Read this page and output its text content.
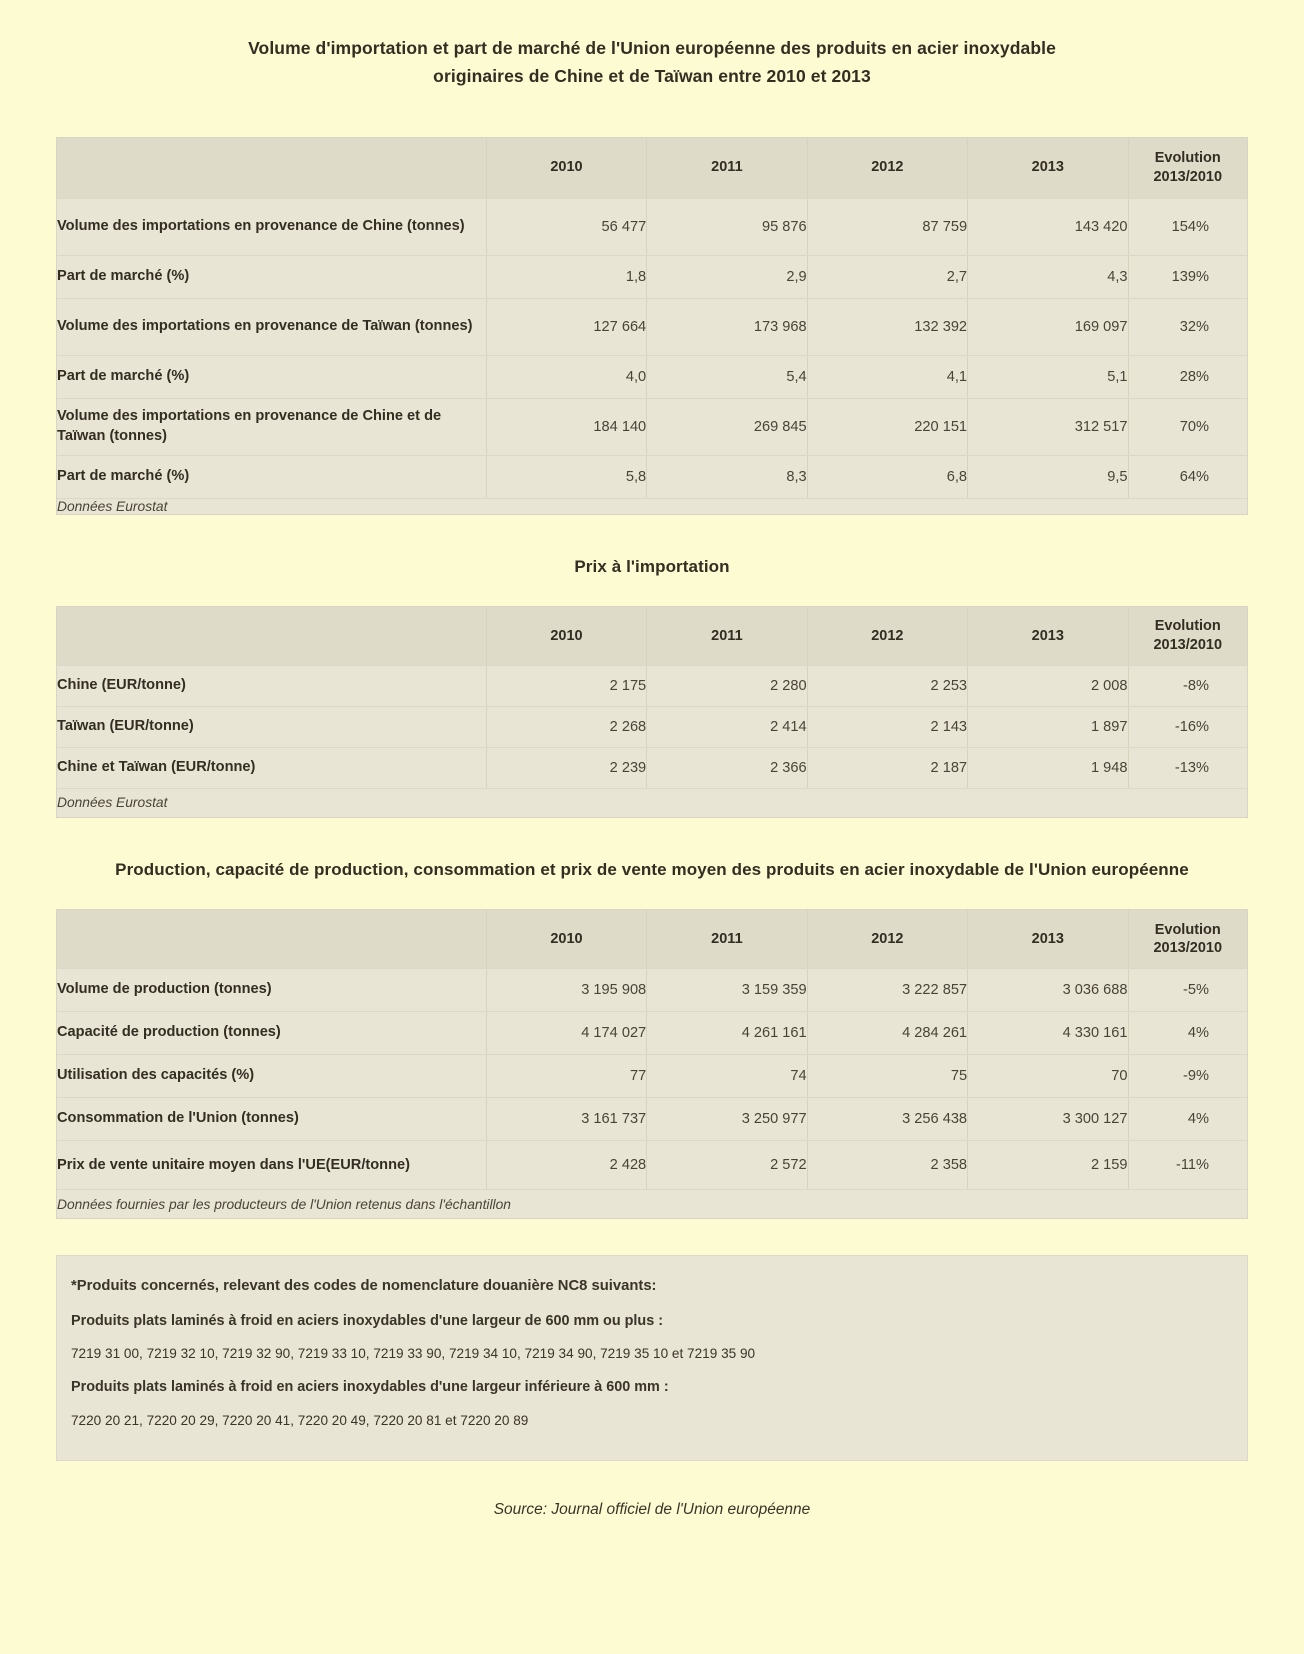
Volume d'importation et part de marché de l'Union européenne des produits en acier inoxydable
originaires de Chine et de Taïwan entre 2010 et 2013
	2010	2011	2012	2013	Evolution
2013/2010
Volume des importations en provenance de Chine (tonnes)	56 477	95 876	87 759	143 420	154%
Part de marché (%)	1,8	2,9	2,7	4,3	139%
Volume des importations en provenance de Taïwan (tonnes)	127 664	173 968	132 392	169 097	32%
Part de marché (%)	4,0	5,4	4,1	5,1	28%
Volume des importations en provenance de Chine et de Taïwan (tonnes)	184 140	269 845	220 151	312 517	70%
Part de marché (%)	5,8	8,3	6,8	9,5	64%
Données Eurostat					
Prix à l'importation
	2010	2011	2012	2013	Evolution
2013/2010
Chine (EUR/tonne)	2 175	2 280	2 253	2 008	-8%
Taïwan (EUR/tonne)	2 268	2 414	2 143	1 897	-16%
Chine et Taïwan (EUR/tonne)	2 239	2 366	2 187	1 948	-13%
Données Eurostat					
Production, capacité de production, consommation et prix de vente moyen des produits en acier inoxydable de l'Union européenne
	2010	2011	2012	2013	Evolution
2013/2010
Volume de production (tonnes)	3 195 908	3 159 359	3 222 857	3 036 688	-5%
Capacité de production (tonnes)	4 174 027	4 261 161	4 284 261	4 330 161	4%
Utilisation des capacités (%)	77	74	75	70	-9%
Consommation de l'Union (tonnes)	3 161 737	3 250 977	3 256 438	3 300 127	4%
Prix de vente unitaire moyen dans l'UE(EUR/tonne)	2 428	2 572	2 358	2 159	-11%
Données fournies par les producteurs de l'Union retenus dans l'échantillon					

*Produits concernés, relevant des codes de nomenclature douanière NC8 suivants:

Produits plats laminés à froid en aciers inoxydables d'une largeur de 600 mm ou plus :

7219 31 00, 7219 32 10, 7219 32 90, 7219 33 10, 7219 33 90, 7219 34 10, 7219 34 90, 7219 35 10 et 7219 35 90

Produits plats laminés à froid en aciers inoxydables d'une largeur inférieure à 600 mm :

7220 20 21, 7220 20 29, 7220 20 41, 7220 20 49, 7220 20 81 et 7220 20 89

Source: Journal officiel de l'Union européenne
